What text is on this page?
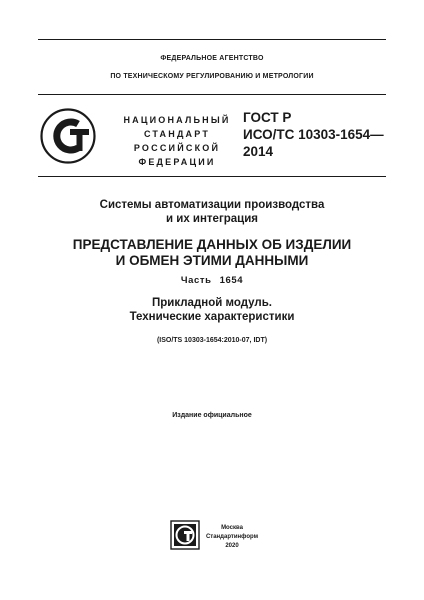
ФЕДЕРАЛЬНОЕ АГЕНТСТВО
ПО ТЕХНИЧЕСКОМУ РЕГУЛИРОВАНИЮ И МЕТРОЛОГИИ
НАЦИОНАЛЬНЫЙ
СТАНДАРТ
РОССИЙСКОЙ
ФЕДЕРАЦИИ
ГОСТ Р
ИСО/ТС 10303-1654—
2014
Системы автоматизации производства
и их интеграция
ПРЕДСТАВЛЕНИЕ ДАННЫХ ОБ ИЗДЕЛИИ
И ОБМЕН ЭТИМИ ДАННЫМИ
Часть 1654
Прикладной модуль.
Технические характеристики
(ISO/TS 10303-1654:2010-07, IDT)
Издание официальное
Москва
Стандартинформ
2020
